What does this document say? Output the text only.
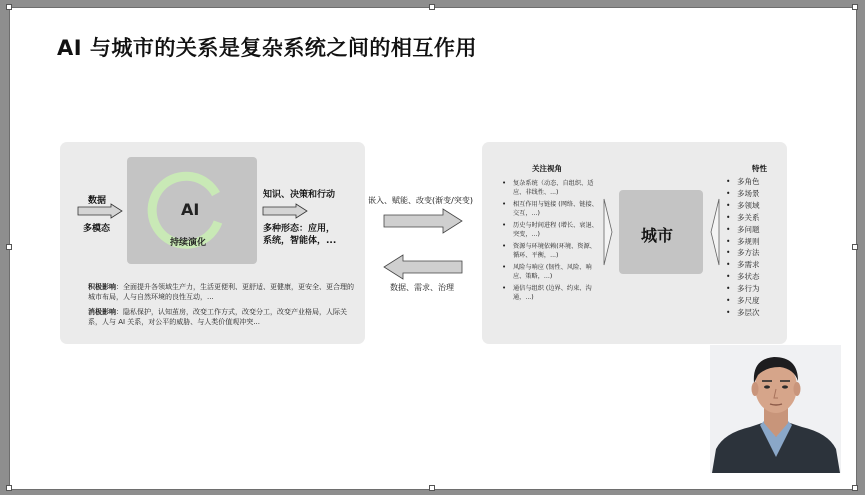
AI 与城市的关系是复杂系统之间的相互作用
AI
持续演化
数据
多模态
知识、决策和行动
多种形态：应用，
系统，智能体，...

积极影响：全面提升各领域生产力，生活更便利、更舒适、更健康，更安全、更合理的城市布局，人与自然环境的良性互动，...

消极影响：隐私保护，认知茧房，改变工作方式，改变分工，改变产业格局，人际关系，人与 AI 关系，对公平的威胁、与人类价值观冲突...

嵌入、赋能、改变(渐变/突变)
数据、需求、治理
关注视角
• 复杂系统（动态、自组织、适应、非线性、...)
• 相互作用与链接 (网络、链接、交互，...)
• 历史与时间进程 (增长、衰退、突变，...)
• 资源与环境依赖(环境、资源、循环、平衡，...)
• 风险与响应 (韧性、风险、响应、策略，...)
• 通信与组织 (边界、约束、沟通，...)
城市
特性
• 多角色
• 多场景
• 多领域
• 多关系
• 多问题
• 多规则
• 多方法
• 多需求
• 多状态
• 多行为
• 多尺度
• 多层次
